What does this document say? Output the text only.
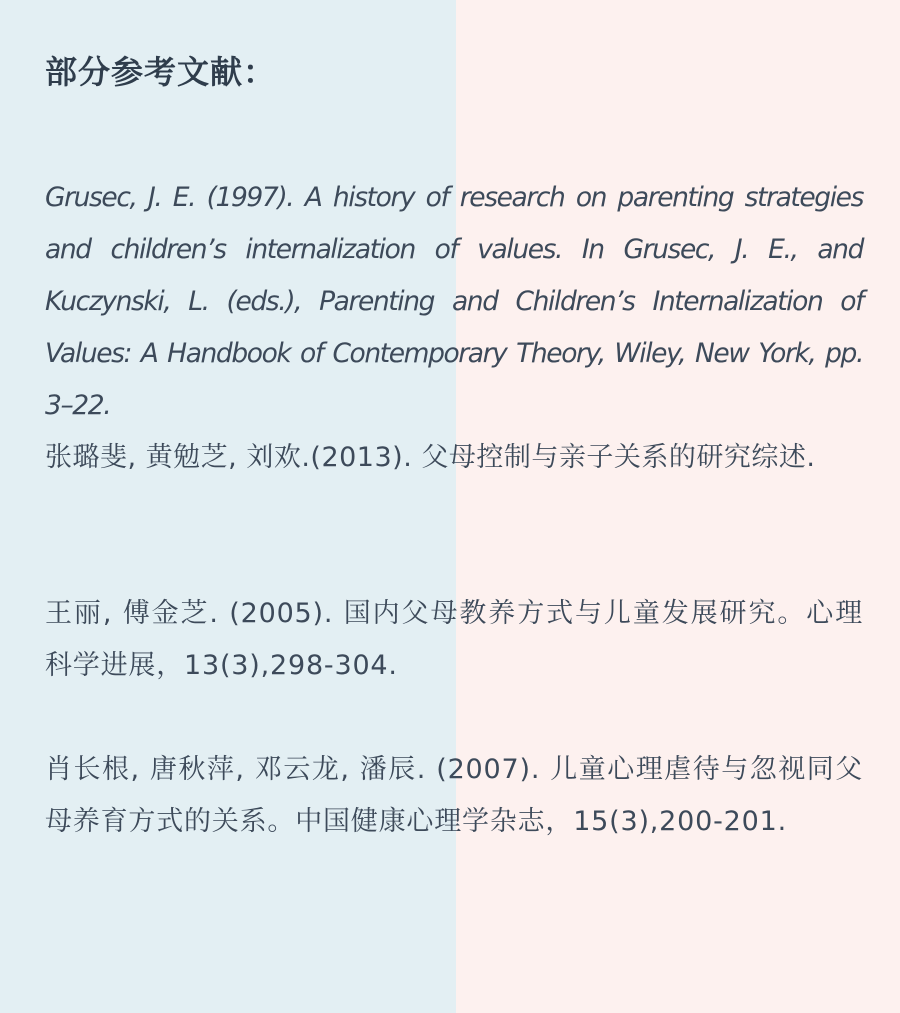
部分参考文献：
Grusec, J. E. (1997). A history of research on parenting strategies and children’s internalization of values. In Grusec, J. E., and Kuczynski, L. (eds.), Parenting and Children’s Internalization of Values: A Handbook of Contemporary Theory, Wiley, New York, pp. 3–22.
张璐斐, 黄勉芝, 刘欢.(2013). 父母控制与亲子关系的研究综述.
王丽, 傅金芝. (2005). 国内父母教养方式与儿童发展研究。心理科学进展，13(3),298-304.
肖长根, 唐秋萍, 邓云龙, 潘辰. (2007). 儿童心理虐待与忽视同父母养育方式的关系。中国健康心理学杂志，15(3),200-201.
